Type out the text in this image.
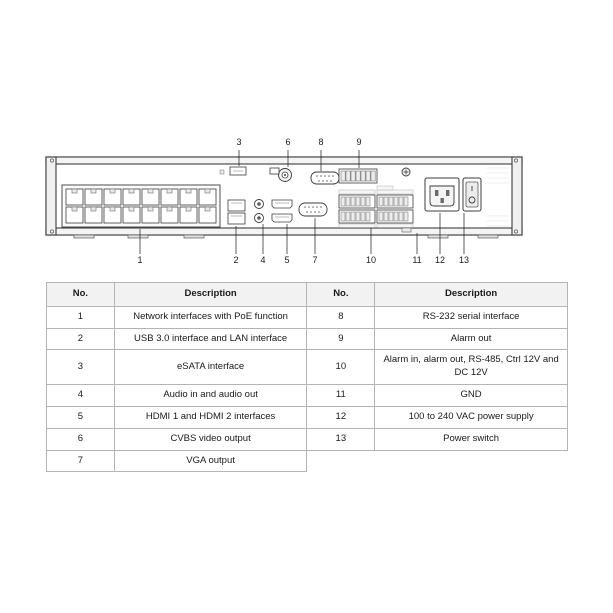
3	6	8	9
1	2 4 5	7	10	11 12 13
No.	Description	No.	Description
1	Network interfaces with PoE function	8	RS-232 serial interface
2	USB 3.0 interface and LAN interface	9	Alarm out
3	eSATA interface	10	Alarm in, alarm out, RS-485, Ctrl 12V and DC 12V
4	Audio in and audio out	11	GND
5	HDMI 1 and HDMI 2 interfaces	12	100 to 240 VAC power supply
6	CVBS video output	13	Power switch
7	VGA output		
